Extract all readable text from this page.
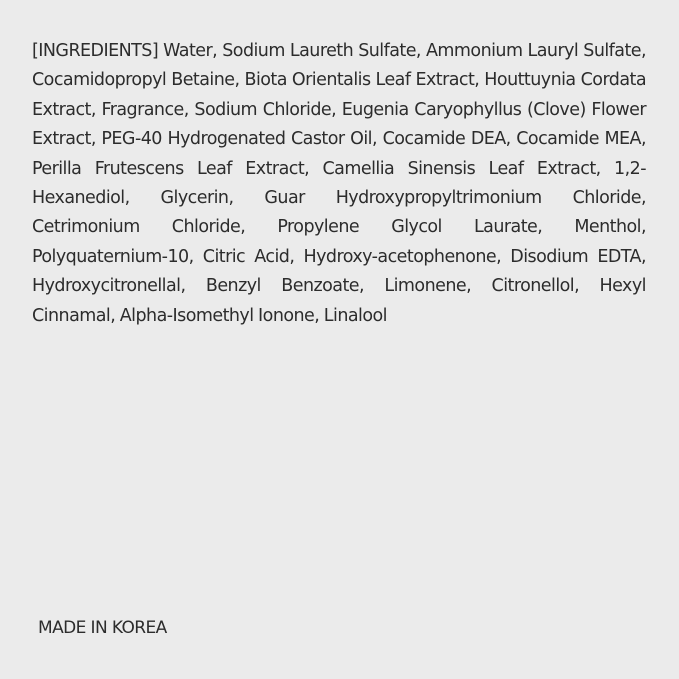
[INGREDIENTS] Water, Sodium Laureth Sulfate, Ammonium Lauryl Sulfate, Cocamidopropyl Betaine, Biota Orientalis Leaf Extract, Houttuynia Cordata Extract, Fragrance, Sodium Chloride, Eugenia Caryophyllus (Clove) Flower Extract, PEG-40 Hydrogenated Castor Oil, Cocamide DEA, Cocamide MEA, Perilla Frutescens Leaf Extract, Camellia Sinensis Leaf Extract, 1,2-Hexanediol, Glycerin, Guar Hydroxypropyltrimonium Chloride, Cetrimonium Chloride, Propylene Glycol Laurate, Menthol, Polyquaternium-10, Citric Acid, Hydroxy-acetophenone, Disodium EDTA, Hydroxycitronellal, Benzyl Benzoate, Limonene, Citronellol, Hexyl Cinnamal, Alpha-Isomethyl Ionone, Linalool

MADE IN KOREA
